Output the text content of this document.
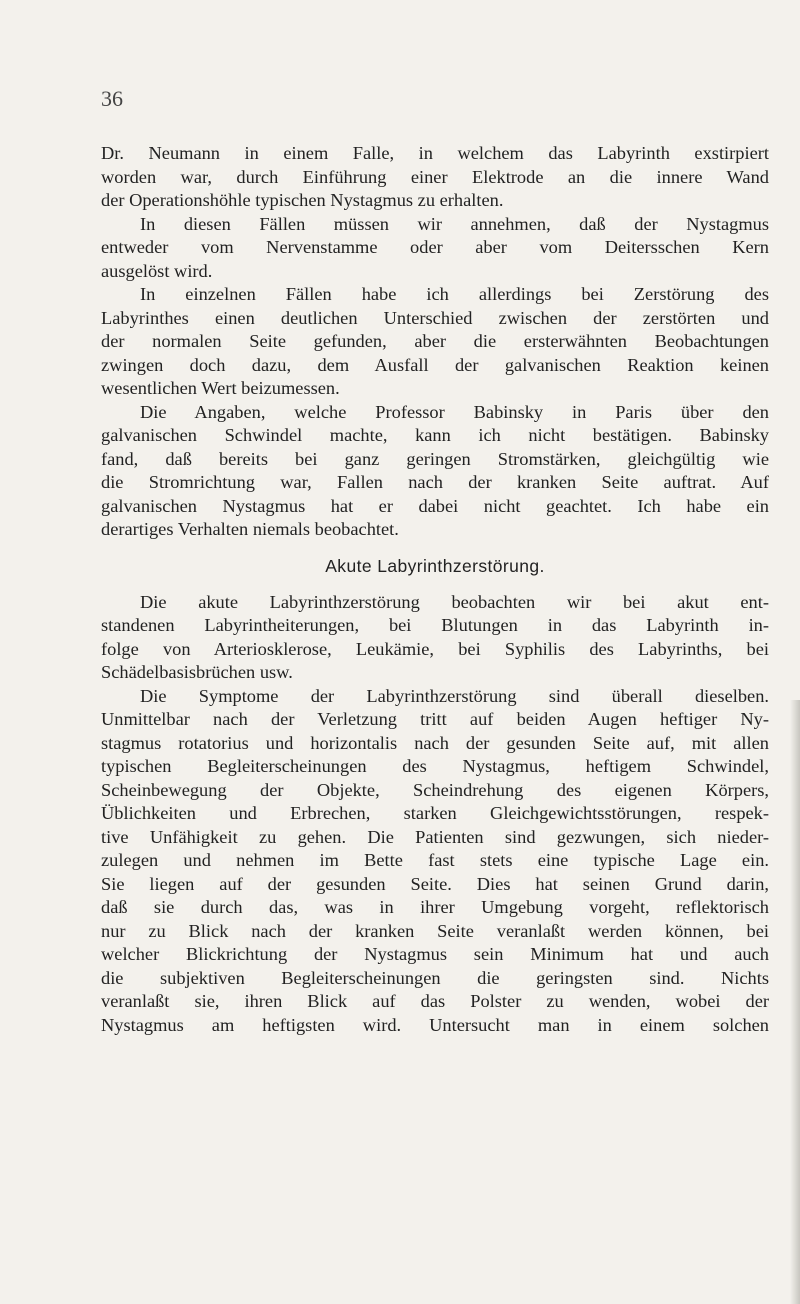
36
Dr. Neumann in einem Falle, in welchem das Labyrinth exstirpiert
worden war, durch Einführung einer Elektrode an die innere Wand
der Operationshöhle typischen Nystagmus zu erhalten.
In diesen Fällen müssen wir annehmen, daß der Nystagmus
entweder vom Nervenstamme oder aber vom Deitersschen Kern
ausgelöst wird.
In einzelnen Fällen habe ich allerdings bei Zerstörung des
Labyrinthes einen deutlichen Unterschied zwischen der zerstörten und
der normalen Seite gefunden, aber die ersterwähnten Beobachtungen
zwingen doch dazu, dem Ausfall der galvanischen Reaktion keinen
wesentlichen Wert beizumessen.
Die Angaben, welche Professor Babinsky in Paris über den
galvanischen Schwindel machte, kann ich nicht bestätigen. Babinsky
fand, daß bereits bei ganz geringen Stromstärken, gleichgültig wie
die Stromrichtung war, Fallen nach der kranken Seite auftrat. Auf
galvanischen Nystagmus hat er dabei nicht geachtet. Ich habe ein
derartiges Verhalten niemals beobachtet.
Akute Labyrinthzerstörung.
Die akute Labyrinthzerstörung beobachten wir bei akut ent-
standenen Labyrintheiterungen, bei Blutungen in das Labyrinth in-
folge von Arteriosklerose, Leukämie, bei Syphilis des Labyrinths, bei
Schädelbasisbrüchen usw.
Die Symptome der Labyrinthzerstörung sind überall dieselben.
Unmittelbar nach der Verletzung tritt auf beiden Augen heftiger Ny-
stagmus rotatorius und horizontalis nach der gesunden Seite auf, mit allen
typischen Begleiterscheinungen des Nystagmus, heftigem Schwindel,
Scheinbewegung der Objekte, Scheindrehung des eigenen Körpers,
Üblichkeiten und Erbrechen, starken Gleichgewichtsstörungen, respek-
tive Unfähigkeit zu gehen. Die Patienten sind gezwungen, sich nieder-
zulegen und nehmen im Bette fast stets eine typische Lage ein.
Sie liegen auf der gesunden Seite. Dies hat seinen Grund darin,
daß sie durch das, was in ihrer Umgebung vorgeht, reflektorisch
nur zu Blick nach der kranken Seite veranlaßt werden können, bei
welcher Blickrichtung der Nystagmus sein Minimum hat und auch
die subjektiven Begleiterscheinungen die geringsten sind. Nichts
veranlaßt sie, ihren Blick auf das Polster zu wenden, wobei der
Nystagmus am heftigsten wird. Untersucht man in einem solchen
